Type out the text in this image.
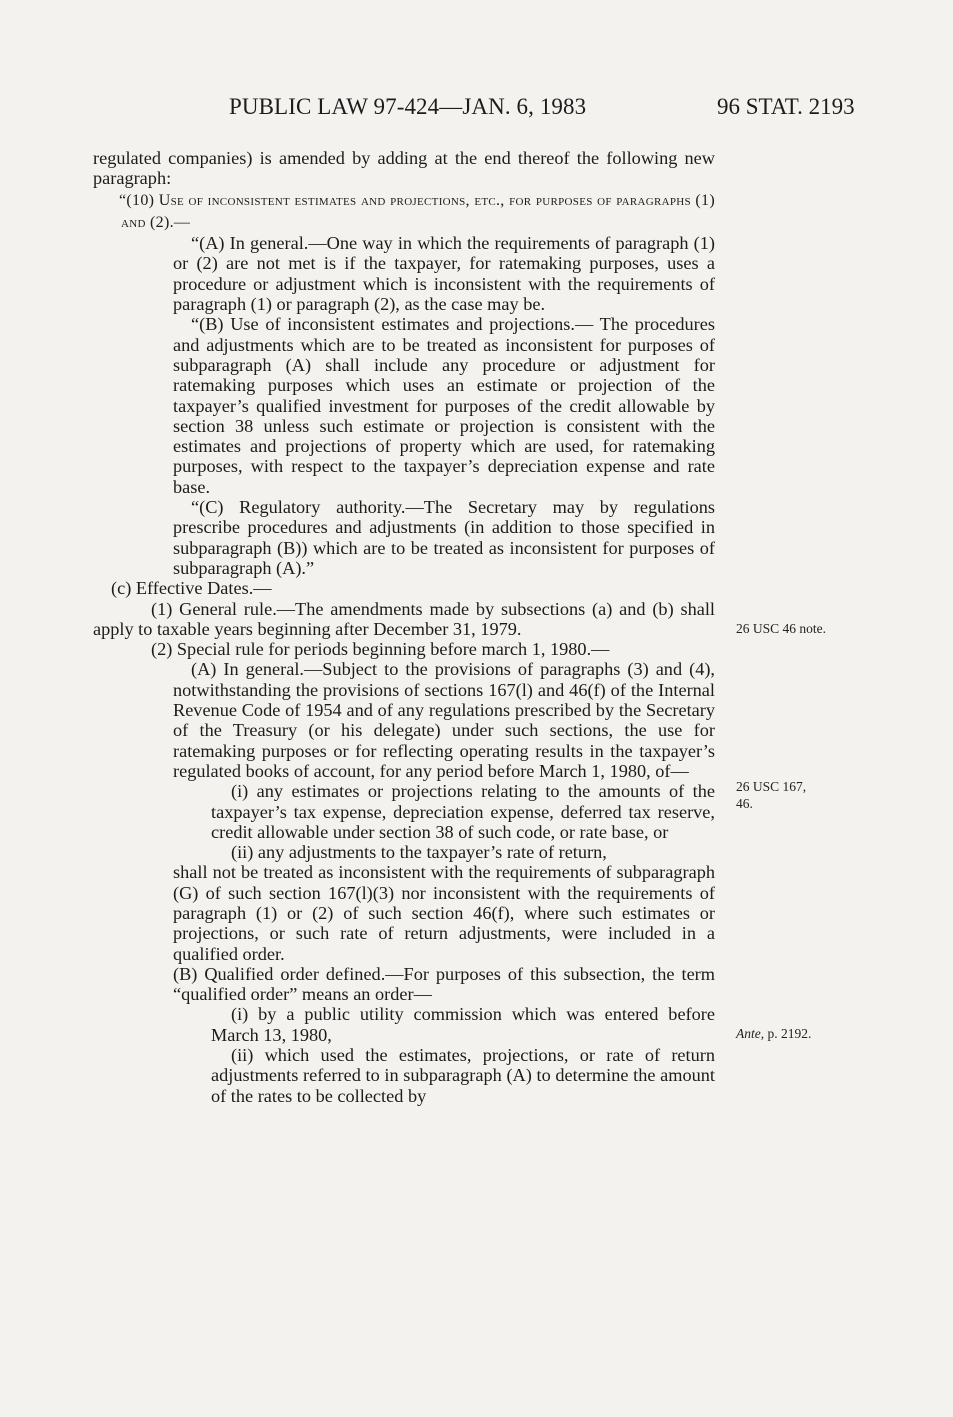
PUBLIC LAW 97-424—JAN. 6, 1983	96 STAT. 2193

regulated companies) is amended by adding at the end thereof the following new paragraph:

“(10) Use of inconsistent estimates and projections, etc., for purposes of paragraphs (1) and (2).—

“(A) In general.—One way in which the requirements of paragraph (1) or (2) are not met is if the taxpayer, for ratemaking purposes, uses a procedure or adjustment which is inconsistent with the requirements of paragraph (1) or paragraph (2), as the case may be.

“(B) Use of inconsistent estimates and projections.— The procedures and adjustments which are to be treated as inconsistent for purposes of subparagraph (A) shall include any procedure or adjustment for ratemaking purposes which uses an estimate or projection of the taxpayer’s qualified investment for purposes of the credit allowable by section 38 unless such estimate or projection is consistent with the estimates and projections of property which are used, for ratemaking purposes, with respect to the taxpayer’s depreciation expense and rate base.

“(C) Regulatory authority.—The Secretary may by regulations prescribe procedures and adjustments (in addition to those specified in subparagraph (B)) which are to be treated as inconsistent for purposes of subparagraph (A).”

(c) Effective Dates.—

(1) General rule.—The amendments made by subsections (a) and (b) shall apply to taxable years beginning after December 31, 1979.

(2) Special rule for periods beginning before march 1, 1980.—

(A) In general.—Subject to the provisions of paragraphs (3) and (4), notwithstanding the provisions of sections 167(l) and 46(f) of the Internal Revenue Code of 1954 and of any regulations prescribed by the Secretary of the Treasury (or his delegate) under such sections, the use for ratemaking purposes or for reflecting operating results in the taxpayer’s regulated books of account, for any period before March 1, 1980, of—

(i) any estimates or projections relating to the amounts of the taxpayer’s tax expense, depreciation expense, deferred tax reserve, credit allowable under section 38 of such code, or rate base, or

(ii) any adjustments to the taxpayer’s rate of return,

shall not be treated as inconsistent with the requirements of subparagraph (G) of such section 167(l)(3) nor inconsistent with the requirements of paragraph (1) or (2) of such section 46(f), where such estimates or projections, or such rate of return adjustments, were included in a qualified order.

(B) Qualified order defined.—For purposes of this subsection, the term “qualified order” means an order—

(i) by a public utility commission which was entered before March 13, 1980,

(ii) which used the estimates, projections, or rate of return adjustments referred to in subparagraph (A) to determine the amount of the rates to be collected by

26 USC 46 note.
26 USC 167,
46.
Ante, p. 2192.
